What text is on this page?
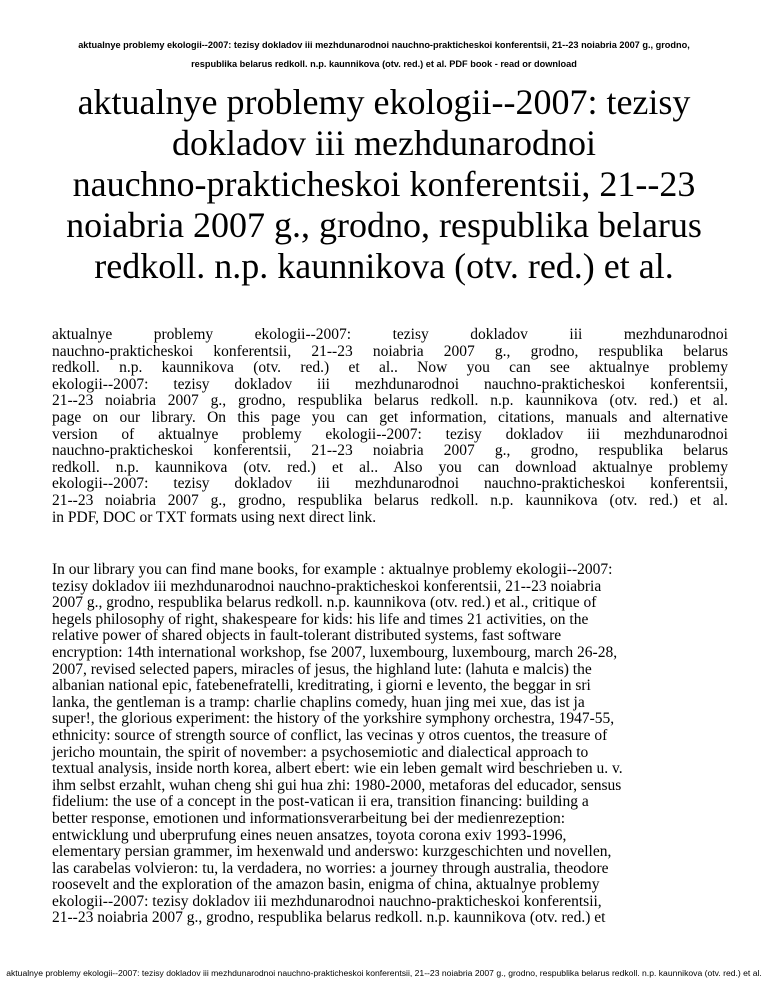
aktualnye problemy ekologii--2007: tezisy dokladov iii mezhdunarodnoi nauchno-prakticheskoi konferentsii, 21--23 noiabria 2007 g., grodno,
respublika belarus redkoll. n.p. kaunnikova (otv. red.) et al. PDF book - read or download
aktualnye problemy ekologii--2007: tezisy
dokladov iii mezhdunarodnoi
nauchno-prakticheskoi konferentsii, 21--23
noiabria 2007 g., grodno, respublika belarus
redkoll. n.p. kaunnikova (otv. red.) et al.
aktualnye problemy ekologii--2007: tezisy dokladov iii mezhdunarodnoi
nauchno-prakticheskoi konferentsii, 21--23 noiabria 2007 g., grodno, respublika belarus
redkoll. n.p. kaunnikova (otv. red.) et al.. Now you can see aktualnye problemy
ekologii--2007: tezisy dokladov iii mezhdunarodnoi nauchno-prakticheskoi konferentsii,
21--23 noiabria 2007 g., grodno, respublika belarus redkoll. n.p. kaunnikova (otv. red.) et al.
page on our library. On this page you can get information, citations, manuals and alternative
version of aktualnye problemy ekologii--2007: tezisy dokladov iii mezhdunarodnoi
nauchno-prakticheskoi konferentsii, 21--23 noiabria 2007 g., grodno, respublika belarus
redkoll. n.p. kaunnikova (otv. red.) et al.. Also you can download aktualnye problemy
ekologii--2007: tezisy dokladov iii mezhdunarodnoi nauchno-prakticheskoi konferentsii,
21--23 noiabria 2007 g., grodno, respublika belarus redkoll. n.p. kaunnikova (otv. red.) et al.
in PDF, DOC or TXT formats using next direct link.
In our library you can find mane books, for example : aktualnye problemy ekologii--2007:
tezisy dokladov iii mezhdunarodnoi nauchno-prakticheskoi konferentsii, 21--23 noiabria
2007 g., grodno, respublika belarus redkoll. n.p. kaunnikova (otv. red.) et al., critique of
hegels philosophy of right, shakespeare for kids: his life and times 21 activities, on the
relative power of shared objects in fault-tolerant distributed systems, fast software
encryption: 14th international workshop, fse 2007, luxembourg, luxembourg, march 26-28,
2007, revised selected papers, miracles of jesus, the highland lute: (lahuta e malcis) the
albanian national epic, fatebenefratelli, kreditrating, i giorni e levento, the beggar in sri
lanka, the gentleman is a tramp: charlie chaplins comedy, huan jing mei xue, das ist ja
super!, the glorious experiment: the history of the yorkshire symphony orchestra, 1947-55,
ethnicity: source of strength source of conflict, las vecinas y otros cuentos, the treasure of
jericho mountain, the spirit of november: a psychosemiotic and dialectical approach to
textual analysis, inside north korea, albert ebert: wie ein leben gemalt wird beschrieben u. v.
ihm selbst erzahlt, wuhan cheng shi gui hua zhi: 1980-2000, metaforas del educador, sensus
fidelium: the use of a concept in the post-vatican ii era, transition financing: building a
better response, emotionen und informationsverarbeitung bei der medienrezeption:
entwicklung und uberprufung eines neuen ansatzes, toyota corona exiv 1993-1996,
elementary persian grammer, im hexenwald und anderswo: kurzgeschichten und novellen,
las carabelas volvieron: tu, la verdadera, no worries: a journey through australia, theodore
roosevelt and the exploration of the amazon basin, enigma of china, aktualnye problemy
ekologii--2007: tezisy dokladov iii mezhdunarodnoi nauchno-prakticheskoi konferentsii,
21--23 noiabria 2007 g., grodno, respublika belarus redkoll. n.p. kaunnikova (otv. red.) et
aktualnye problemy ekologii--2007: tezisy dokladov iii mezhdunarodnoi nauchno-prakticheskoi konferentsii, 21--23 noiabria 2007 g., grodno, respublika belarus redkoll. n.p. kaunnikova (otv. red.) et al.
